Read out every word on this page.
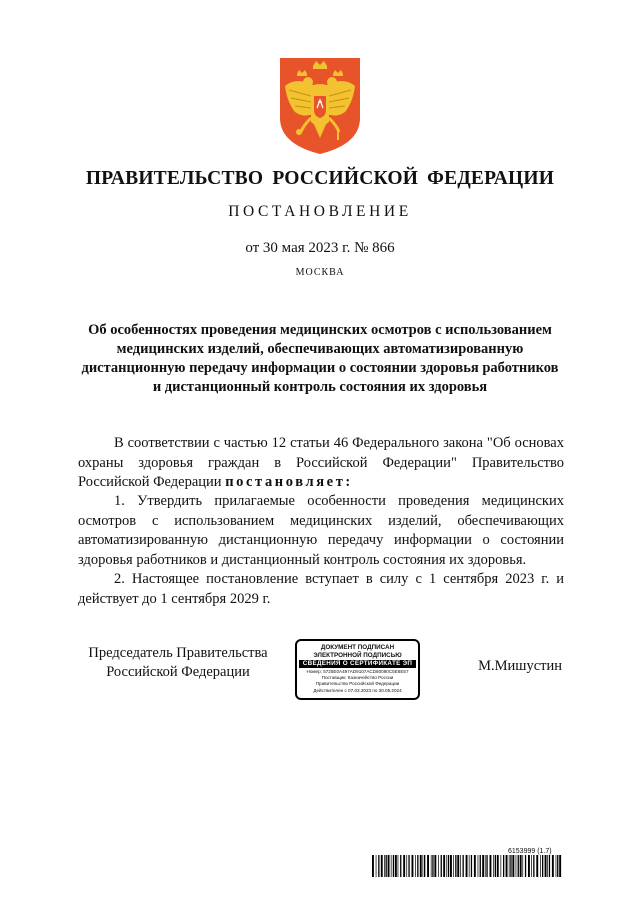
ПРАВИТЕЛЬСТВО РОССИЙСКОЙ ФЕДЕРАЦИИ
ПОСТАНОВЛЕНИЕ
от 30 мая 2023 г. № 866
МОСКВА
Об особенностях проведения медицинских осмотров с использованием медицинских изделий, обеспечивающих автоматизированную дистанционную передачу информации о состоянии здоровья работников и дистанционный контроль состояния их здоровья

В соответствии с частью 12 статьи 46 Федерального закона "Об основах охраны здоровья граждан в Российской Федерации" Правительство Российской Федерации постановляет:

1. Утвердить прилагаемые особенности проведения медицинских осмотров с использованием медицинских изделий, обеспечивающих автоматизированную дистанционную передачу информации о состоянии здоровья работников и дистанционный контроль состояния их здоровья.

2. Настоящее постановление вступает в силу с 1 сентября 2023 г. и действует до 1 сентября 2029 г.

Председатель Правительства
Российской Федерации
ДОКУМЕНТ ПОДПИСАН
ЭЛЕКТРОННОЙ ПОДПИСЬЮ
СВЕДЕНИЯ О СЕРТИФИКАТЕ ЭП
Номер: 5725E0A497AD9107ACD80090C5E6E57
Поставщик: Казначейство России
Правительство Российской Федерации
Действителен с 07.03.2023 по 30.05.2024
М.Мишустин
6153999 (1.7)
